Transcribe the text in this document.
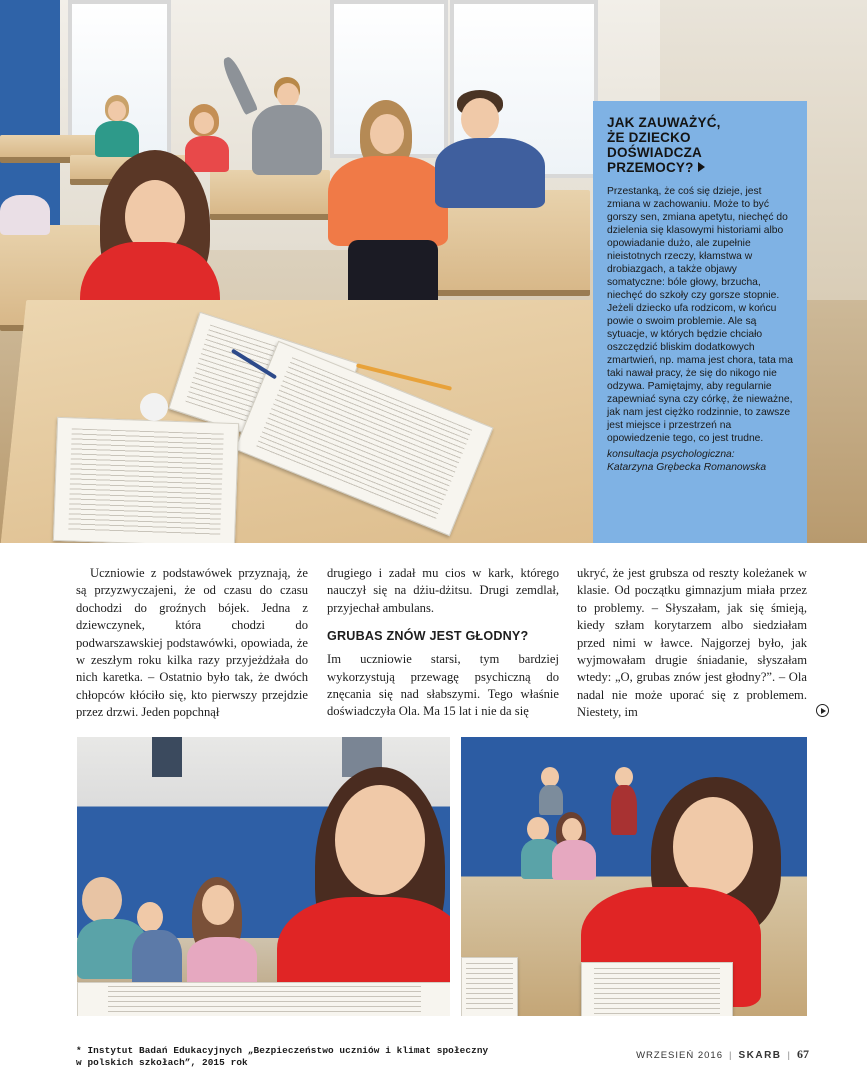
JAK ZAUWAŻYĆ,
ŻE DZIECKO
DOŚWIADCZA
PRZEMOCY?

Przestanką, że coś się dzieje, jest zmiana w zachowaniu. Może to być gorszy sen, zmiana apetytu, niechęć do dzielenia się klasowymi historiami albo opowiadanie dużo, ale zupełnie nieistotnych rzeczy, kłamstwa w drobiazgach, a także objawy somatyczne: bóle głowy, brzucha, niechęć do szkoły czy gorsze stopnie. Jeżeli dziecko ufa rodzicom, w końcu powie o swoim problemie. Ale są sytuacje, w których będzie chciało oszczędzić bliskim dodatkowych zmartwień, np. mama jest chora, tata ma taki nawał pracy, że się do nikogo nie odzywa. Pamiętajmy, aby regularnie zapewniać syna czy córkę, że nieważne, jak nam jest ciężko rodzinnie, to zawsze jest miejsce i przestrzeń na opowiedzenie tego, co jest trudne.

konsultacja psychologiczna:
Katarzyna Grębecka Romanowska

Uczniowie z podstawówek przyznają, że są przyzwyczajeni, że od czasu do czasu dochodzi do groźnych bójek. Jedna z dziewczynek, która chodzi do podwarszawskiej podstawówki, opowiada, że w zeszłym roku kilka razy przyjeżdżała do nich karetka. – Ostatnio było tak, że dwóch chłopców kłóciło się, kto pierwszy przejdzie przez drzwi. Jeden popchnął

drugiego i zadał mu cios w kark, którego nauczył się na dżiu-dżitsu. Drugi zemdlał, przyjechał ambulans.

GRUBAS ZNÓW JEST GŁODNY?

Im uczniowie starsi, tym bardziej wykorzystują przewagę psychiczną do znęcania się nad słabszymi. Tego właśnie doświadczyła Ola. Ma 15 lat i nie da się

ukryć, że jest grubsza od reszty koleżanek w klasie. Od początku gimnazjum miała przez to problemy. – Słyszałam, jak się śmieją, kiedy szłam korytarzem albo siedziałam przed nimi w ławce. Najgorzej było, jak wyjmowałam drugie śniadanie, słyszałam wtedy: „O, grubas znów jest głodny?”. – Ola nadal nie może uporać się z problemem. Niestety, im

* Instytut Badań Edukacyjnych „Bezpieczeństwo uczniów i klimat społeczny w polskich szkołach”, 2015 rok
WRZESIEŃ 2016 | SKARB | 67
